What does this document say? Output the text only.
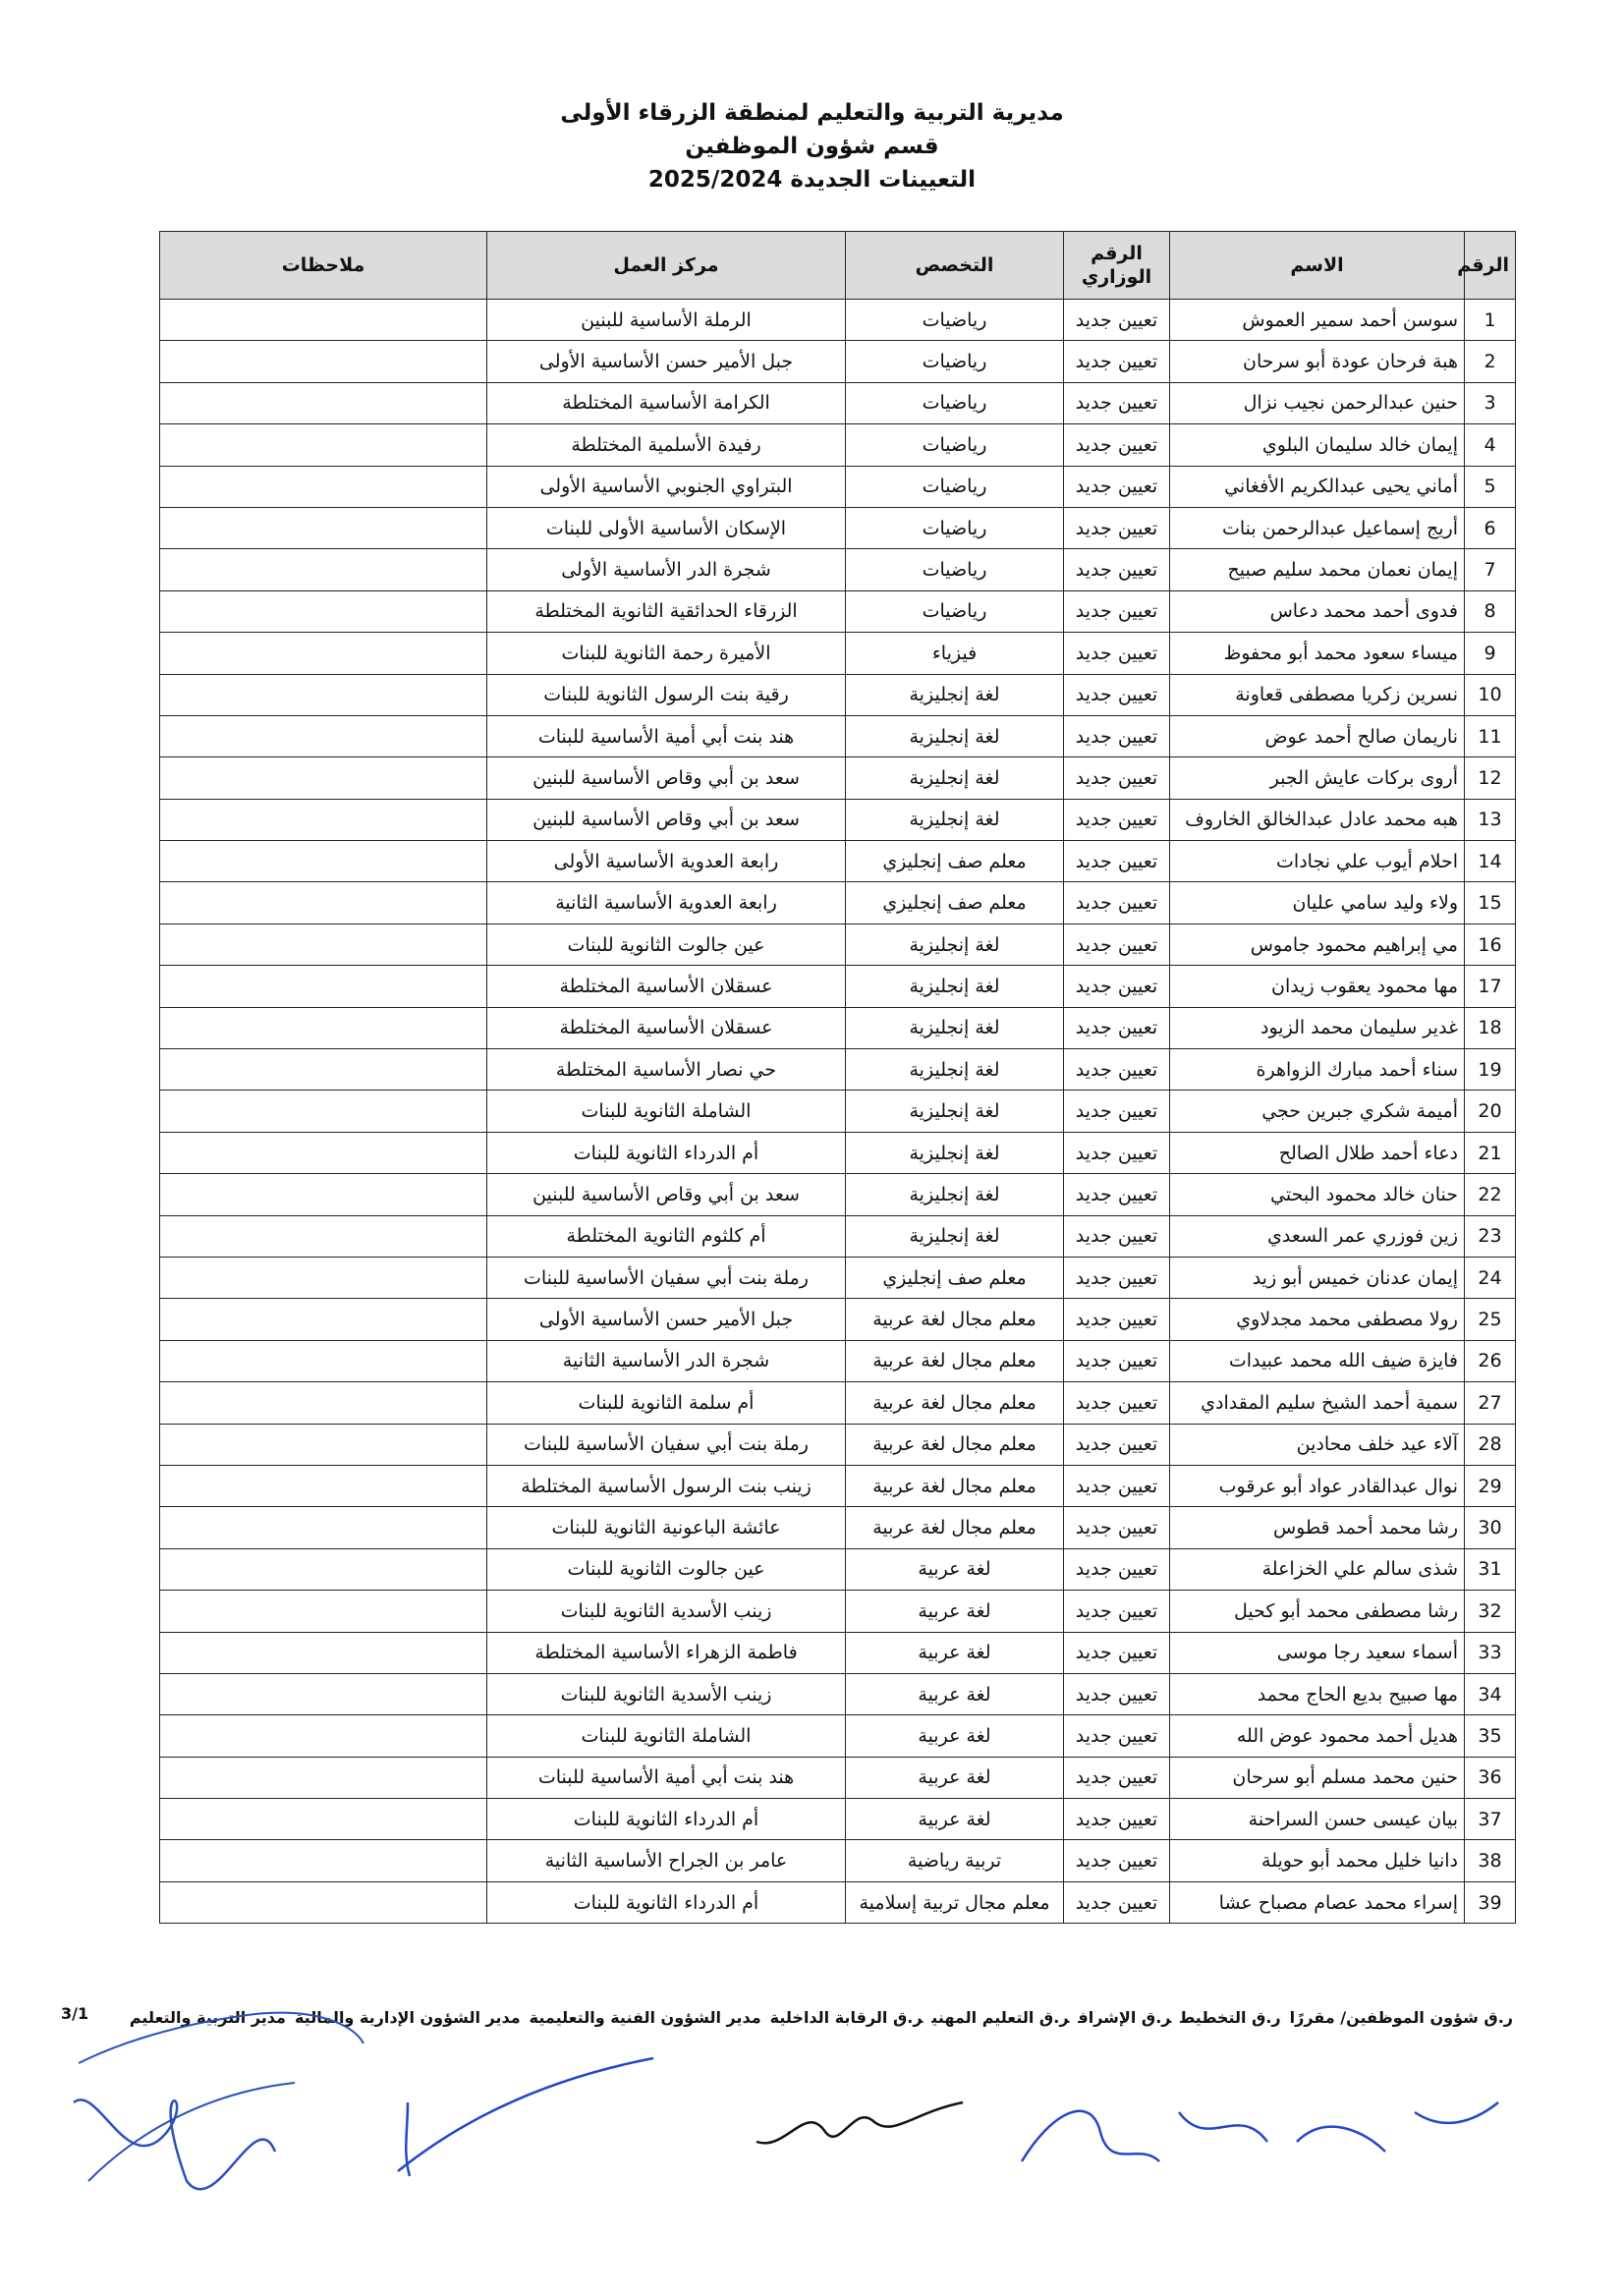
مديرية التربية والتعليم لمنطقة الزرقاء الأولى
قسم شؤون الموظفين
التعيينات الجديدة 2025/2024
الرقم	الاسم	الرقم الوزاري	التخصص	مركز العمل	ملاحظات
1	سوسن أحمد سمير العموش	تعيين جديد	رياضيات	الرملة الأساسية للبنين	
2	هبة فرحان عودة أبو سرحان	تعيين جديد	رياضيات	جبل الأمير حسن الأساسية الأولى	
3	حنين عبدالرحمن نجيب نزال	تعيين جديد	رياضيات	الكرامة الأساسية المختلطة	
4	إيمان خالد سليمان البلوي	تعيين جديد	رياضيات	رفيدة الأسلمية المختلطة	
5	أماني يحيى عبدالكريم الأفغاني	تعيين جديد	رياضيات	البتراوي الجنوبي الأساسية الأولى	
6	أريج إسماعيل عبدالرحمن بنات	تعيين جديد	رياضيات	الإسكان الأساسية الأولى للبنات	
7	إيمان نعمان محمد سليم صبيح	تعيين جديد	رياضيات	شجرة الدر الأساسية الأولى	
8	فدوى أحمد محمد دعاس	تعيين جديد	رياضيات	الزرقاء الحدائقية الثانوية المختلطة	
9	ميساء سعود محمد أبو محفوظ	تعيين جديد	فيزياء	الأميرة رحمة الثانوية للبنات	
10	نسرين زكريا مصطفى قعاونة	تعيين جديد	لغة إنجليزية	رقية بنت الرسول الثانوية للبنات	
11	ناريمان صالح أحمد عوض	تعيين جديد	لغة إنجليزية	هند بنت أبي أمية الأساسية للبنات	
12	أروى بركات عايش الجبر	تعيين جديد	لغة إنجليزية	سعد بن أبي وقاص الأساسية للبنين	
13	هبه محمد عادل عبدالخالق الخاروف	تعيين جديد	لغة إنجليزية	سعد بن أبي وقاص الأساسية للبنين	
14	احلام أيوب علي نجادات	تعيين جديد	معلم صف إنجليزي	رابعة العدوية الأساسية الأولى	
15	ولاء وليد سامي عليان	تعيين جديد	معلم صف إنجليزي	رابعة العدوية الأساسية الثانية	
16	مي إبراهيم محمود جاموس	تعيين جديد	لغة إنجليزية	عين جالوت الثانوية للبنات	
17	مها محمود يعقوب زيدان	تعيين جديد	لغة إنجليزية	عسقلان الأساسية المختلطة	
18	غدير سليمان محمد الزيود	تعيين جديد	لغة إنجليزية	عسقلان الأساسية المختلطة	
19	سناء أحمد مبارك الزواهرة	تعيين جديد	لغة إنجليزية	حي نصار الأساسية المختلطة	
20	أميمة شكري جبرين حجي	تعيين جديد	لغة إنجليزية	الشاملة الثانوية للبنات	
21	دعاء أحمد طلال الصالح	تعيين جديد	لغة إنجليزية	أم الدرداء الثانوية للبنات	
22	حنان خالد محمود البحتي	تعيين جديد	لغة إنجليزية	سعد بن أبي وقاص الأساسية للبنين	
23	زين فوزري عمر السعدي	تعيين جديد	لغة إنجليزية	أم كلثوم الثانوية المختلطة	
24	إيمان عدنان خميس أبو زيد	تعيين جديد	معلم صف إنجليزي	رملة بنت أبي سفيان الأساسية للبنات	
25	رولا مصطفى محمد مجدلاوي	تعيين جديد	معلم مجال لغة عربية	جبل الأمير حسن الأساسية الأولى	
26	فايزة ضيف الله محمد عبيدات	تعيين جديد	معلم مجال لغة عربية	شجرة الدر الأساسية الثانية	
27	سمية أحمد الشيخ سليم المقدادي	تعيين جديد	معلم مجال لغة عربية	أم سلمة الثانوية للبنات	
28	آلاء عيد خلف محادين	تعيين جديد	معلم مجال لغة عربية	رملة بنت أبي سفيان الأساسية للبنات	
29	نوال عبدالقادر عواد أبو عرقوب	تعيين جديد	معلم مجال لغة عربية	زينب بنت الرسول الأساسية المختلطة	
30	رشا محمد أحمد قطوس	تعيين جديد	معلم مجال لغة عربية	عائشة الباعونية الثانوية للبنات	
31	شذى سالم علي الخزاعلة	تعيين جديد	لغة عربية	عين جالوت الثانوية للبنات	
32	رشا مصطفى محمد أبو كحيل	تعيين جديد	لغة عربية	زينب الأسدية الثانوية للبنات	
33	أسماء سعيد رجا موسى	تعيين جديد	لغة عربية	فاطمة الزهراء الأساسية المختلطة	
34	مها صبيح بديع الحاج محمد	تعيين جديد	لغة عربية	زينب الأسدية الثانوية للبنات	
35	هديل أحمد محمود عوض الله	تعيين جديد	لغة عربية	الشاملة الثانوية للبنات	
36	حنين محمد مسلم أبو سرحان	تعيين جديد	لغة عربية	هند بنت أبي أمية الأساسية للبنات	
37	بيان عيسى حسن السراحنة	تعيين جديد	لغة عربية	أم الدرداء الثانوية للبنات	
38	دانيا خليل محمد أبو حويلة	تعيين جديد	تربية رياضية	عامر بن الجراح الأساسية الثانية	
39	إسراء محمد عصام مصباح عشا	تعيين جديد	معلم مجال تربية إسلامية	أم الدرداء الثانوية للبنات	
ر.ق شؤون الموظفين/ مقررًار.ق التخطيطر.ق الإشرافر.ق التعليم المهنير.ق الرقابة الداخليةمدير الشؤون الفنية والتعليميةمدير الشؤون الإدارية والماليةمدير التربية والتعليم
3/1
